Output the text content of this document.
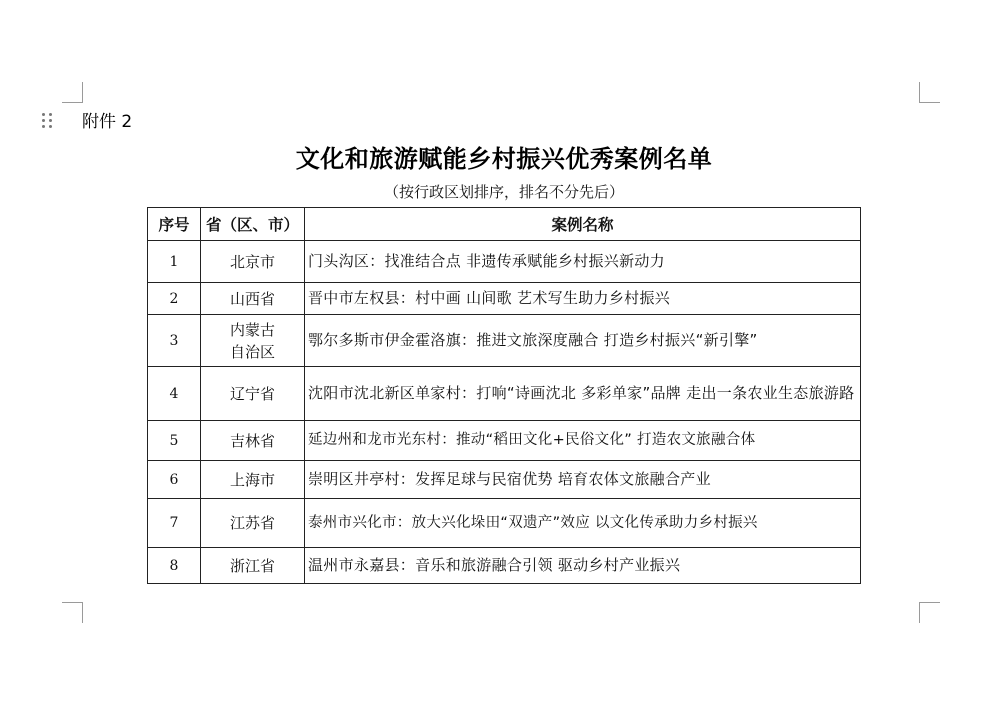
附件 2
文化和旅游赋能乡村振兴优秀案例名单
（按行政区划排序，排名不分先后）
序号	省（区、市）	案例名称
1	北京市	门头沟区：找准结合点 非遗传承赋能乡村振兴新动力
2	山西省	晋中市左权县：村中画 山间歌 艺术写生助力乡村振兴
3	内蒙古自治区	鄂尔多斯市伊金霍洛旗：推进文旅深度融合 打造乡村振兴“新引擎”
4	辽宁省	沈阳市沈北新区单家村：打响“诗画沈北 多彩单家”品牌 走出一条农业生态旅游路
5	吉林省	延边州和龙市光东村：推动“稻田文化+民俗文化” 打造农文旅融合体
6	上海市	崇明区井亭村：发挥足球与民宿优势 培育农体文旅融合产业
7	江苏省	泰州市兴化市：放大兴化垛田“双遗产”效应 以文化传承助力乡村振兴
8	浙江省	温州市永嘉县：音乐和旅游融合引领 驱动乡村产业振兴
